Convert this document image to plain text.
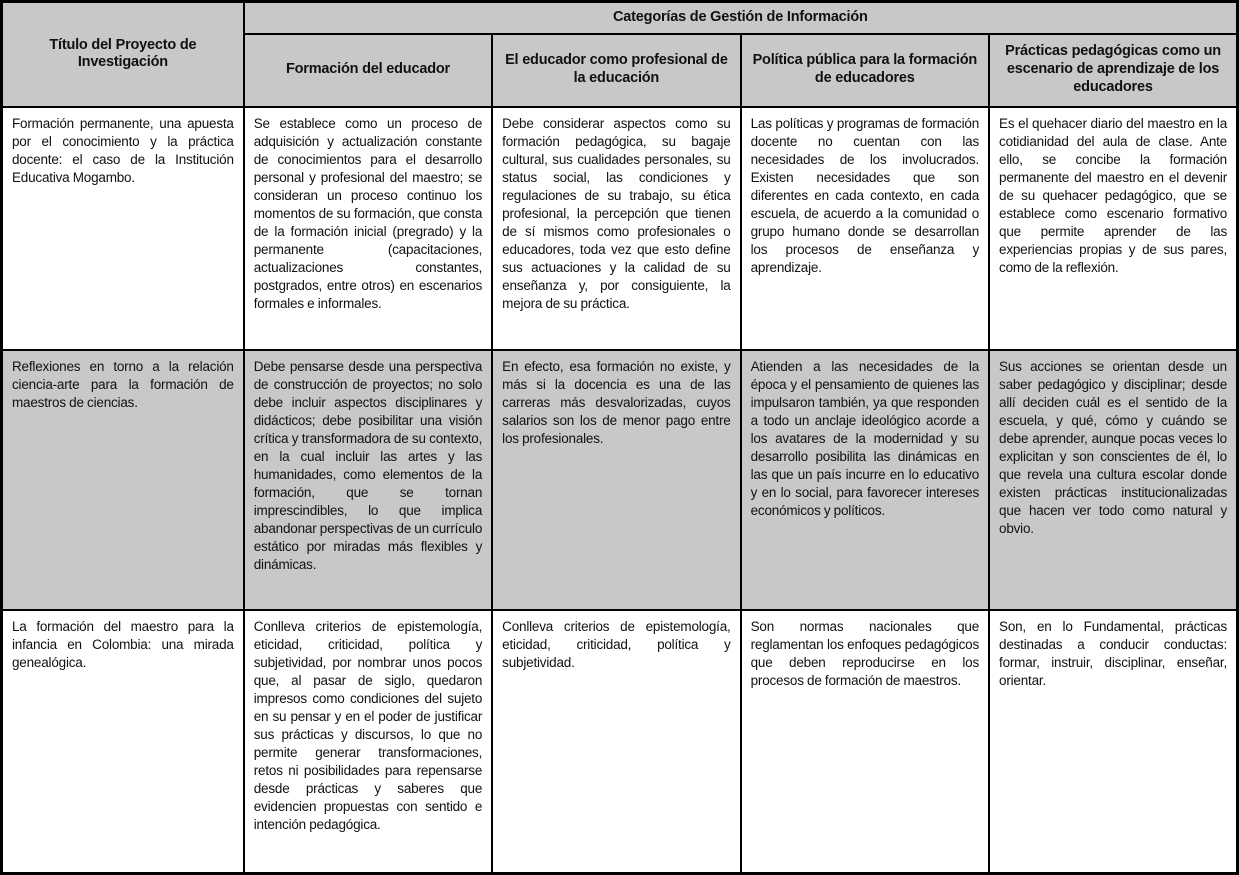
Título del Proyecto de Investigación	Categorías de Gestión de Información			
	Formación del educador	El educador como profesional de la educación	Política pública para la formación de educadores	Prácticas pedagógicas como un escenario de aprendizaje de los educadores
Formación permanente, una apuesta por el conocimiento y la práctica docente: el caso de la Institución Educativa Mogambo.	Se establece como un proceso de adquisición y actualización constante de conocimientos para el desarrollo personal y profesional del maestro; se consideran un proceso continuo los momentos de su formación, que consta de la formación inicial (pregrado) y la permanente (capacitaciones, actualizaciones constantes, postgrados, entre otros) en escenarios formales e informales.	Debe considerar aspectos como su formación pedagógica, su bagaje cultural, sus cualidades personales, su status social, las condiciones y regulaciones de su trabajo, su ética profesional, la percepción que tienen de sí mismos como profesionales o educadores, toda vez que esto define sus actuaciones y la calidad de su enseñanza y, por consiguiente, la mejora de su práctica.	Las políticas y programas de formación docente no cuentan con las necesidades de los involucrados. Existen necesidades que son diferentes en cada contexto, en cada escuela, de acuerdo a la comunidad o grupo humano donde se desarrollan los procesos de enseñanza y aprendizaje.	Es el quehacer diario del maestro en la cotidianidad del aula de clase. Ante ello, se concibe la formación permanente del maestro en el devenir de su quehacer pedagógico, que se establece como escenario formativo que permite aprender de las experiencias propias y de sus pares, como de la reflexión.
Reflexiones en torno a la relación ciencia-arte para la formación de maestros de ciencias.	Debe pensarse desde una perspectiva de construcción de proyectos; no solo debe incluir aspectos disciplinares y didácticos; debe posibilitar una visión crítica y transformadora de su contexto, en la cual incluir las artes y las humanidades, como elementos de la formación, que se tornan imprescindibles, lo que implica abandonar perspectivas de un currículo estático por miradas más flexibles y dinámicas.	En efecto, esa formación no existe, y más si la docencia es una de las carreras más desvalorizadas, cuyos salarios son los de menor pago entre los profesionales.	Atienden a las necesidades de la época y el pensamiento de quienes las impulsaron también, ya que responden a todo un anclaje ideológico acorde a los avatares de la modernidad y su desarrollo posibilita las dinámicas en las que un país incurre en lo educativo y en lo social, para favorecer intereses económicos y políticos.	Sus acciones se orientan desde un saber pedagógico y disciplinar; desde allí deciden cuál es el sentido de la escuela, y qué, cómo y cuándo se debe aprender, aunque pocas veces lo explicitan y son conscientes de él, lo que revela una cultura escolar donde existen prácticas institucionalizadas que hacen ver todo como natural y obvio.
La formación del maestro para la infancia en Colombia: una mirada genealógica.	Conlleva criterios de epistemología, eticidad, criticidad, política y subjetividad, por nombrar unos pocos que, al pasar de siglo, quedaron impresos como condiciones del sujeto en su pensar y en el poder de justificar sus prácticas y discursos, lo que no permite generar transformaciones, retos ni posibilidades para repensarse desde prácticas y saberes que evidencien propuestas con sentido e intención pedagógica.	Conlleva criterios de epistemología, eticidad, criticidad, política y subjetividad.	Son normas nacionales que reglamentan los enfoques pedagógicos que deben reproducirse en los procesos de formación de maestros.	Son, en lo Fundamental, prácticas destinadas a conducir conductas: formar, instruir, disciplinar, enseñar, orientar.
